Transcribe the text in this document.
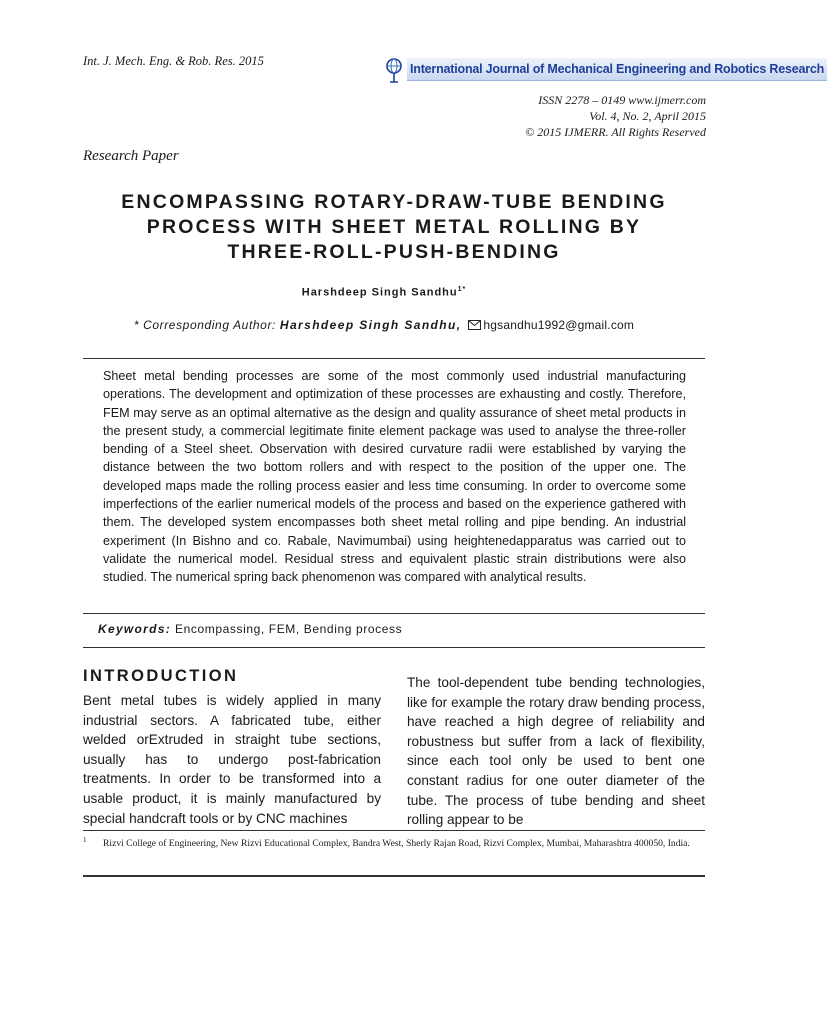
Int. J. Mech. Eng. & Rob. Res. 2015
International Journal of Mechanical Engineering and Robotics Research
ISSN 2278 – 0149 www.ijmerr.com
Vol. 4, No. 2, April 2015
© 2015 IJMERR. All Rights Reserved
Research Paper
ENCOMPASSING ROTARY-DRAW-TUBE BENDING
PROCESS WITH SHEET METAL ROLLING BY
THREE-ROLL-PUSH-BENDING
Harshdeep Singh Sandhu$^{1*}$
* Corresponding Author: Harshdeep Singh Sandhu, hgsandhu1992@gmail.com
Sheet metal bending processes are some of the most commonly used industrial manufacturing operations. The development and optimization of these processes are exhausting and costly. Therefore, FEM may serve as an optimal alternative as the design and quality assurance of sheet metal products in the present study, a commercial legitimate finite element package was used to analyse the three-roller bending of a Steel sheet. Observation with desired curvature radii were established by varying the distance between the two bottom rollers and with respect to the position of the upper one. The developed maps made the rolling process easier and less time consuming. In order to overcome some imperfections of the earlier numerical models of the process and based on the experience gathered with them. The developed system encompasses both sheet metal rolling and pipe bending. An industrial experiment (In Bishno and co. Rabale, Navimumbai) using heightenedapparatus was carried out to validate the numerical model. Residual stress and equivalent plastic strain distributions were also studied. The numerical spring back phenomenon was compared with analytical results.
Keywords: Encompassing, FEM, Bending process
INTRODUCTION
Bent metal tubes is widely applied in many industrial sectors. A fabricated tube, either welded orExtruded in straight tube sections, usually has to undergo post-fabrication treatments. In order to be transformed into a usable product, it is mainly manufactured by special handcraft tools or by CNC machines
The tool-dependent tube bending technologies, like for example the rotary draw bending process, have reached a high degree of reliability and robustness but suffer from a lack of flexibility, since each tool only be used to bent one constant radius for one outer diameter of the tube. The process of tube bending and sheet rolling appear to be
1 Rizvi College of Engineering, New Rizvi Educational Complex, Bandra West, Sherly Rajan Road, Rizvi Complex, Mumbai, Maharashtra 400050, India.
